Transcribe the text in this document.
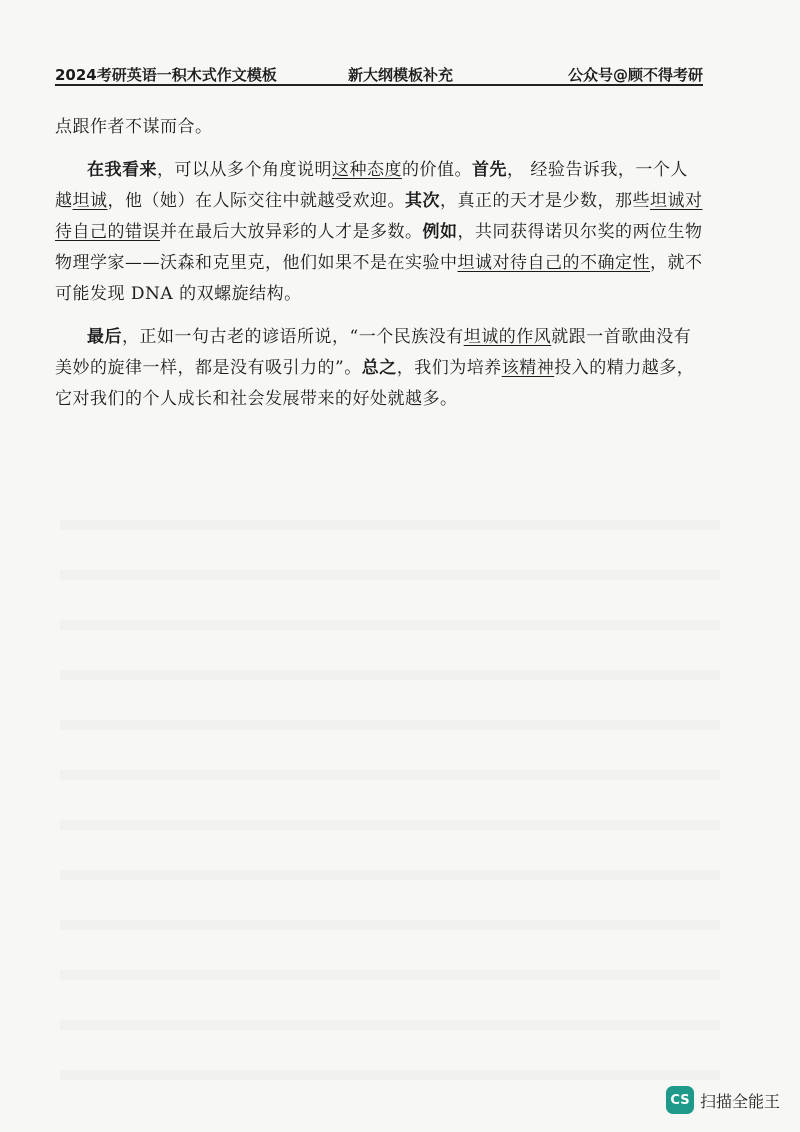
2024考研英语一积木式作文模板	新大纲模板补充	公众号@顾不得考研

点跟作者不谋而合。

在我看来，可以从多个角度说明这种态度的价值。首先， 经验告诉我，一个人越坦诚，他（她）在人际交往中就越受欢迎。其次，真正的天才是少数，那些坦诚对待自己的错误并在最后大放异彩的人才是多数。例如，共同获得诺贝尔奖的两位生物物理学家——沃森和克里克，他们如果不是在实验中坦诚对待自己的不确定性，就不可能发现 DNA 的双螺旋结构。

最后，正如一句古老的谚语所说，“一个民族没有坦诚的作风就跟一首歌曲没有美妙的旋律一样，都是没有吸引力的”。总之，我们为培养该精神投入的精力越多，它对我们的个人成长和社会发展带来的好处就越多。

CS 扫描全能王
